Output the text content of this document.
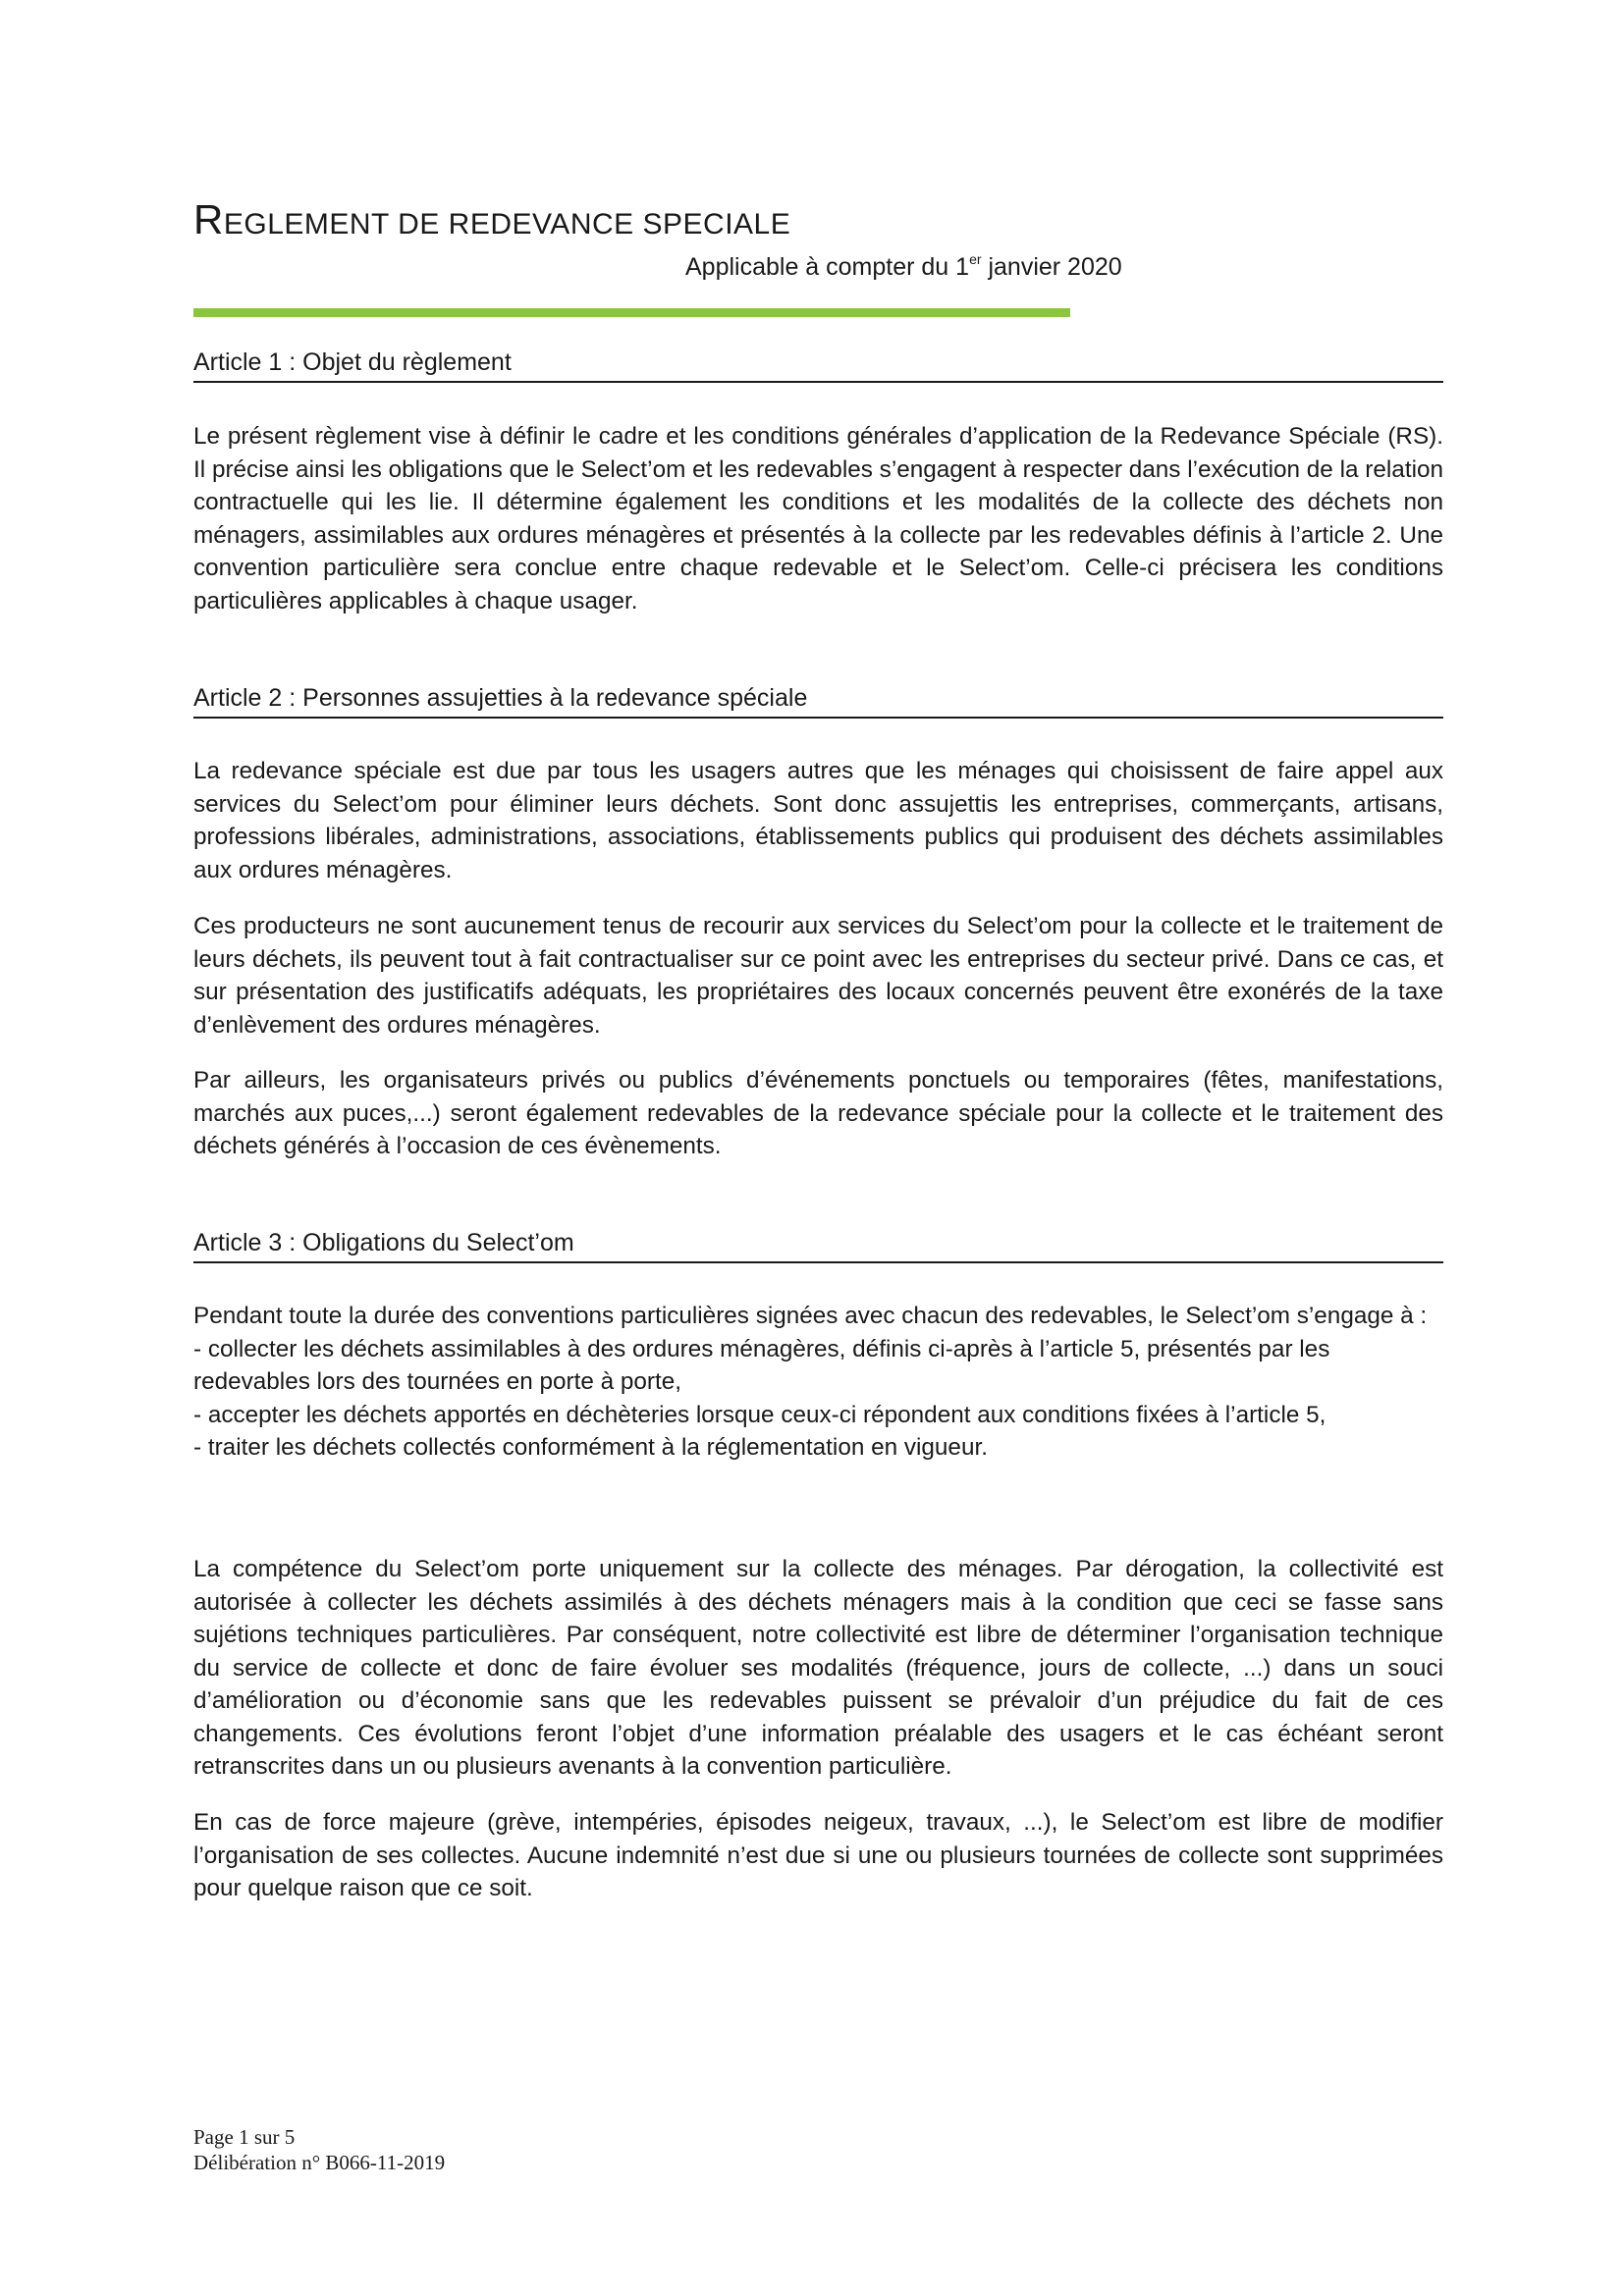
REGLEMENT DE REDEVANCE SPECIALE
Applicable à compter du 1er janvier 2020
Article 1 : Objet du règlement

Le présent règlement vise à définir le cadre et les conditions générales d’application de la Redevance Spéciale (RS). Il précise ainsi les obligations que le Select’om et les redevables s’engagent à respecter dans l’exécution de la relation contractuelle qui les lie. Il détermine également les conditions et les modalités de la collecte des déchets non ménagers, assimilables aux ordures ménagères et présentés à la collecte par les redevables définis à l’article 2. Une convention particulière sera conclue entre chaque redevable et le Select’om. Celle-ci précisera les conditions particulières applicables à chaque usager.

Article 2 : Personnes assujetties à la redevance spéciale

La redevance spéciale est due par tous les usagers autres que les ménages qui choisissent de faire appel aux services du Select’om pour éliminer leurs déchets. Sont donc assujettis les entreprises, commerçants, artisans, professions libérales, administrations, associations, établissements publics qui produisent des déchets assimilables aux ordures ménagères.

Ces producteurs ne sont aucunement tenus de recourir aux services du Select’om pour la collecte et le traitement de leurs déchets, ils peuvent tout à fait contractualiser sur ce point avec les entreprises du secteur privé. Dans ce cas, et sur présentation des justificatifs adéquats, les propriétaires des locaux concernés peuvent être exonérés de la taxe d’enlèvement des ordures ménagères.

Par ailleurs, les organisateurs privés ou publics d’événements ponctuels ou temporaires (fêtes, manifestations, marchés aux puces,...) seront également redevables de la redevance spéciale pour la collecte et le traitement des déchets générés à l’occasion de ces évènements.

Article 3 : Obligations du Select’om
Pendant toute la durée des conventions particulières signées avec chacun des redevables, le Select’om s’engage à :
- collecter les déchets assimilables à des ordures ménagères, définis ci-après à l’article 5, présentés par les redevables lors des tournées en porte à porte,
- accepter les déchets apportés en déchèteries lorsque ceux-ci répondent aux conditions fixées à l’article 5,
- traiter les déchets collectés conformément à la réglementation en vigueur.

La compétence du Select’om porte uniquement sur la collecte des ménages. Par dérogation, la collectivité est autorisée à collecter les déchets assimilés à des déchets ménagers mais à la condition que ceci se fasse sans sujétions techniques particulières. Par conséquent, notre collectivité est libre de déterminer l’organisation technique du service de collecte et donc de faire évoluer ses modalités (fréquence, jours de collecte, ...) dans un souci d’amélioration ou d’économie sans que les redevables puissent se prévaloir d’un préjudice du fait de ces changements. Ces évolutions feront l’objet d’une information préalable des usagers et le cas échéant seront retranscrites dans un ou plusieurs avenants à la convention particulière.

En cas de force majeure (grève, intempéries, épisodes neigeux, travaux, ...), le Select’om est libre de modifier l’organisation de ses collectes. Aucune indemnité n’est due si une ou plusieurs tournées de collecte sont supprimées pour quelque raison que ce soit.

Page 1 sur 5
Délibération n° B066-11-2019
